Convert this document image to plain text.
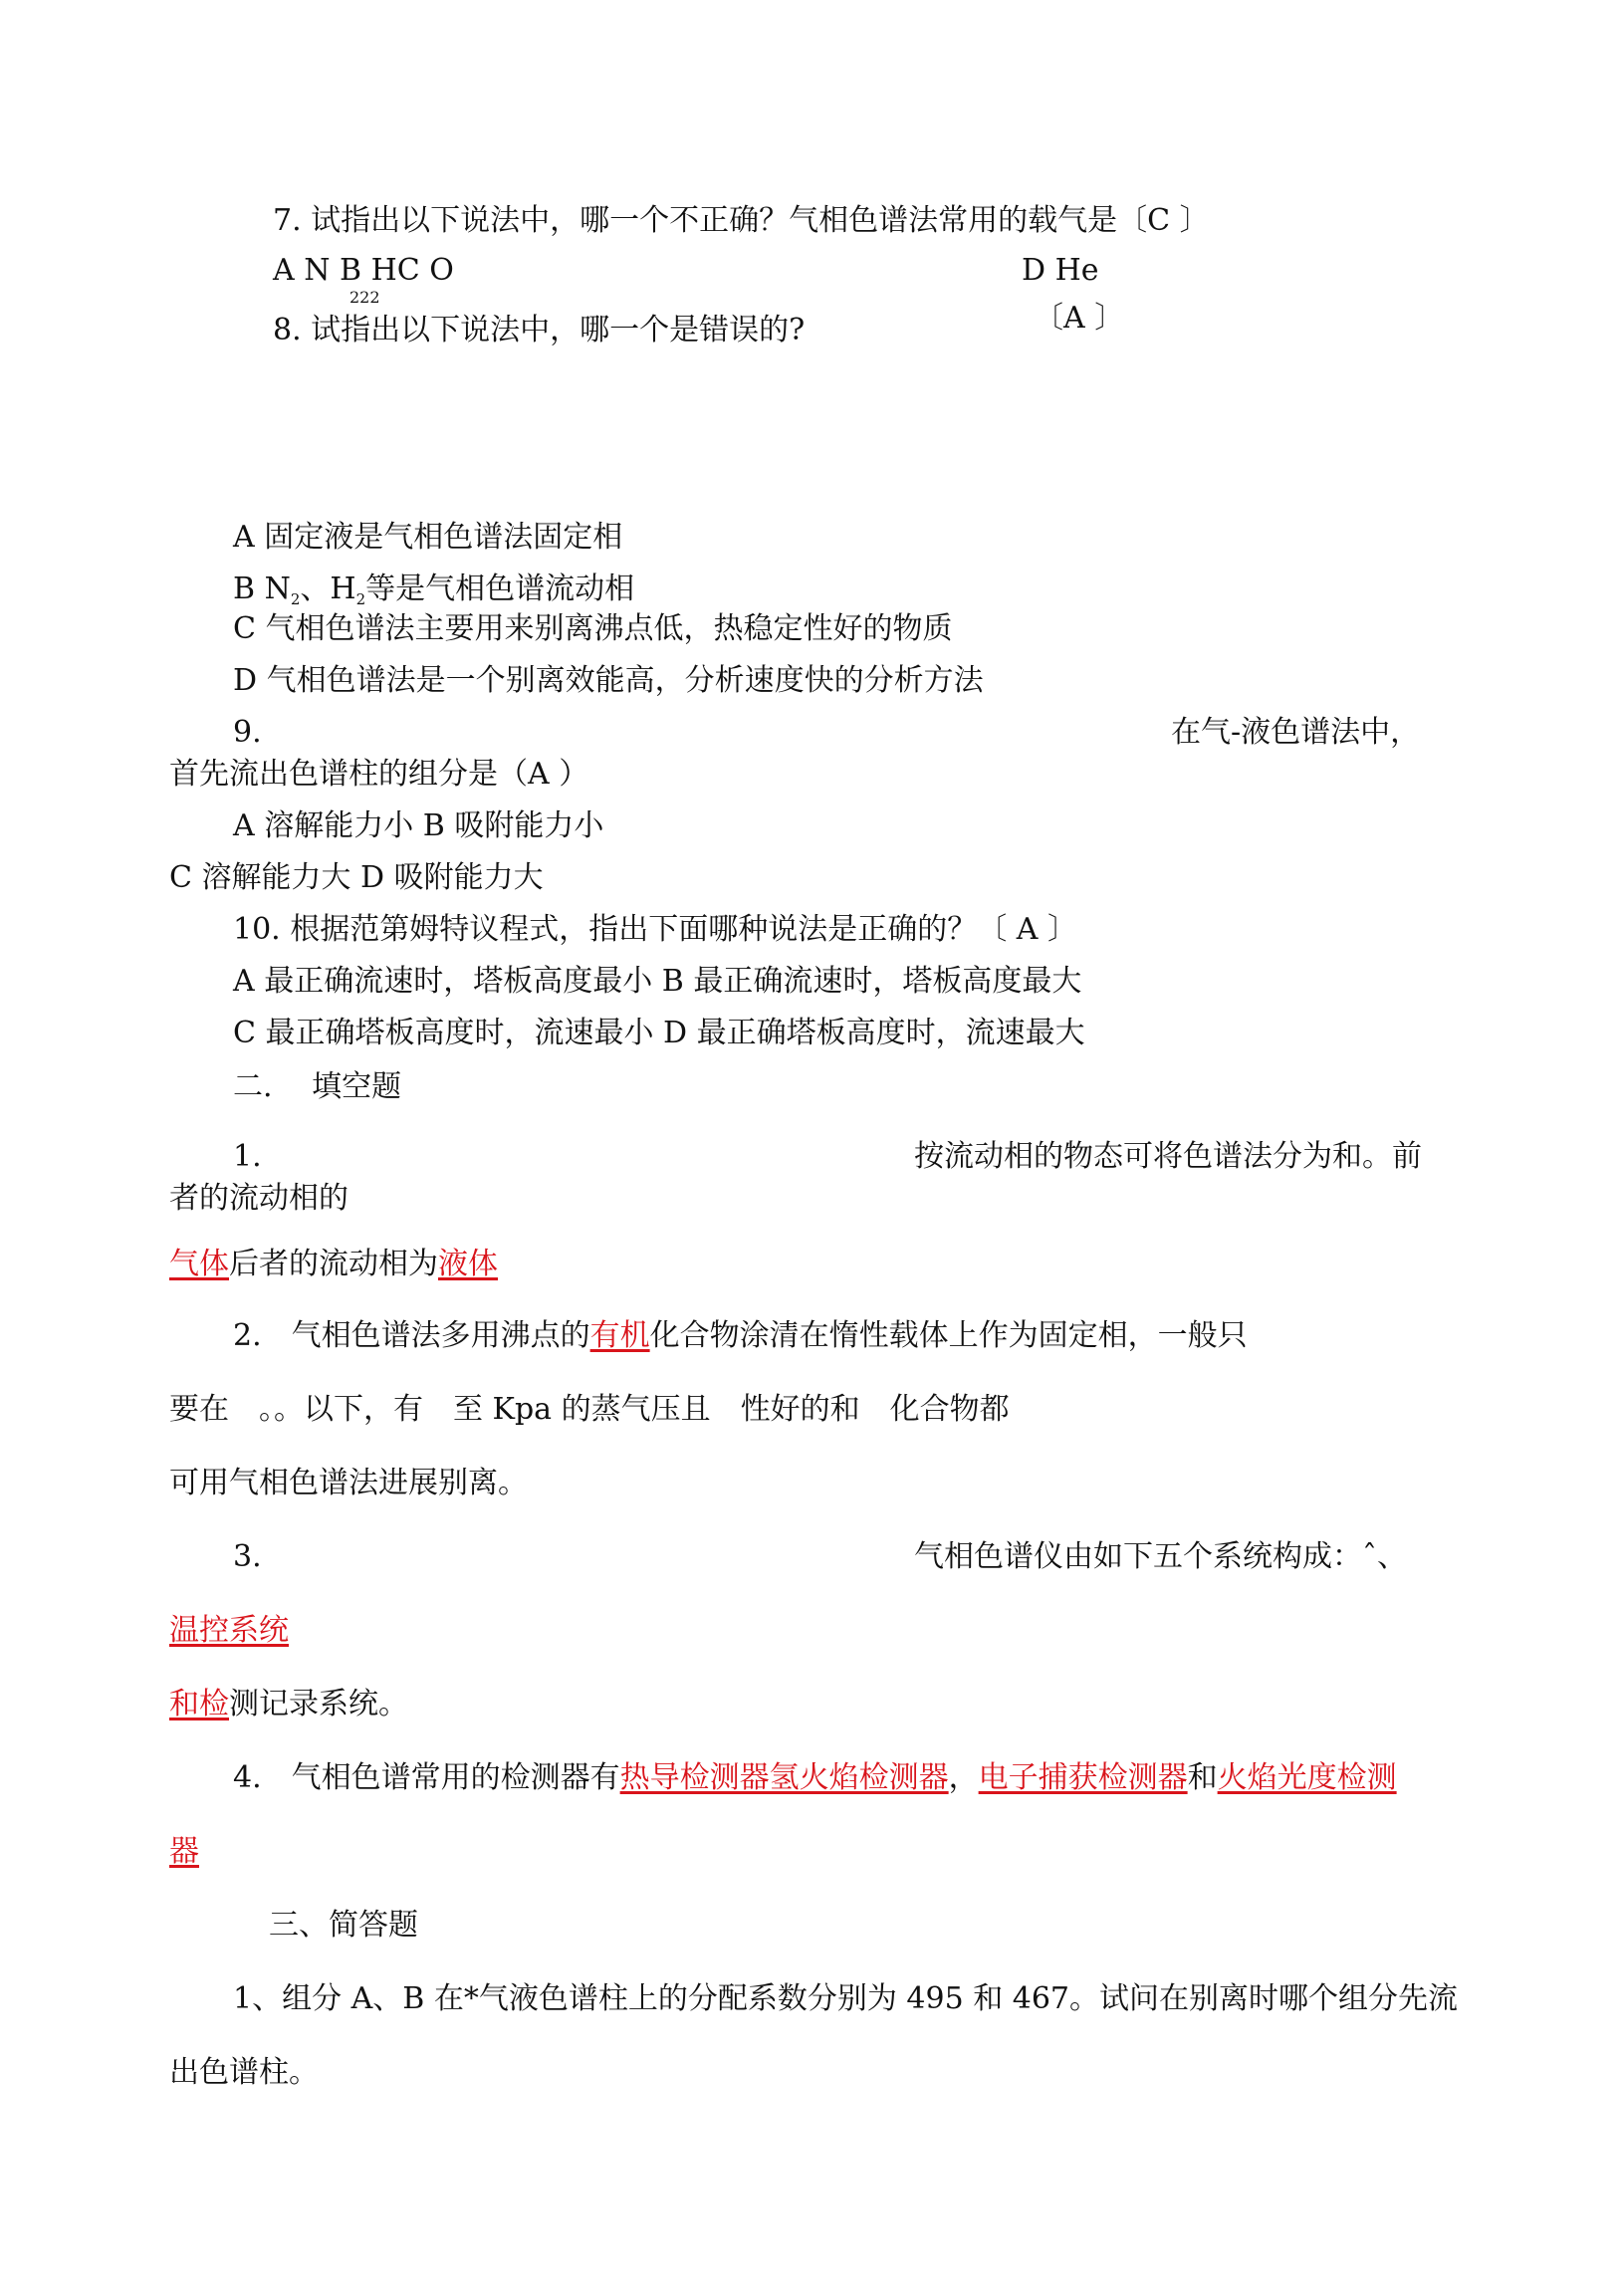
7. 试指出以下说法中，哪一个不正确？气相色谱法常用的载气是〔C 〕
A N B HC O	D He
222
8. 试指出以下说法中，哪一个是错误的?	〔A 〕
A 固定液是气相色谱法固定相
B $N_2$、$H_2$等是气相色谱流动相
C 气相色谱法主要用来别离沸点低，热稳定性好的物质
D 气相色谱法是一个别离效能高，分析速度快的分析方法
9.	在气-液色谱法中，
首先流出色谱柱的组分是（A ）
A 溶解能力小 B 吸附能力小
C 溶解能力大 D 吸附能力大
10. 根据范第姆特议程式，指出下面哪种说法是正确的？〔 A 〕
A 最正确流速时，塔板高度最小 B 最正确流速时，塔板高度最大
C 最正确塔板高度时，流速最小 D 最正确塔板高度时，流速最大
二.　 填空题
1.	按流动相的物态可将色谱法分为和。前
者的流动相的
气体后者的流动相为液体
2.　气相色谱法多用沸点的有机化合物涂清在惰性载体上作为固定相，一般只
要在　。。以下，有　至 Kpa 的蒸气压且　性好的和　化合物都
可用气相色谱法进展别离。
3.	气相色谱仪由如下五个系统构成：ˆ、
温控系统
和检测记录系统。
4.　气相色谱常用的检测器有热导检测器氢火焰检测器，电子捕获检测器和火焰光度检测
器
三、简答题
1、组分 A、B 在*气液色谱柱上的分配系数分别为 495 和 467。试问在别离时哪个组分先流
出色谱柱。
